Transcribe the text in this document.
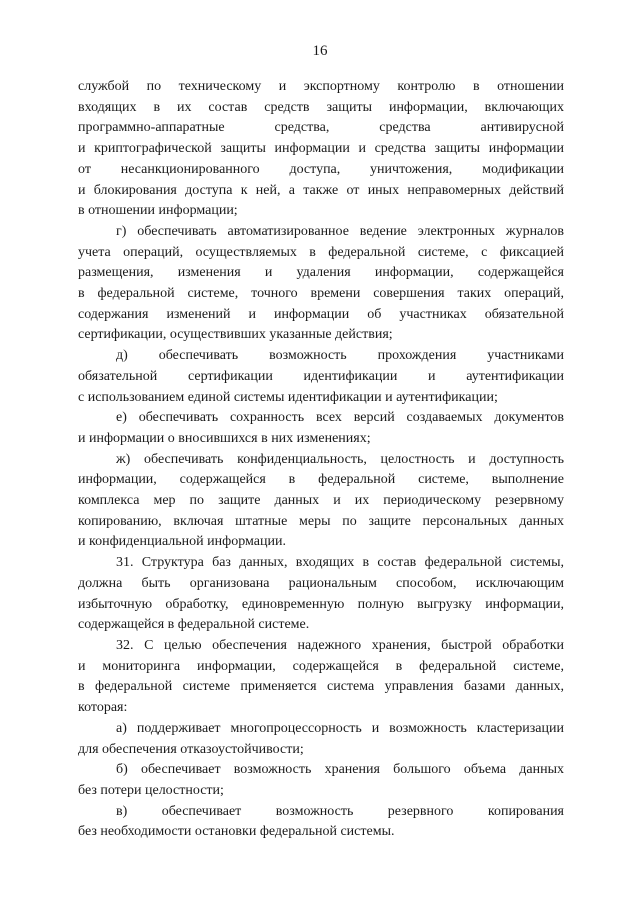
16

службой по техническому и экспортному контролю в отношении
входящих в их состав средств защиты информации, включающих
программно-аппаратные средства, средства антивирусной
и криптографической защиты информации и средства защиты информации
от несанкционированного доступа, уничтожения, модификации
и блокирования доступа к ней, а также от иных неправомерных действий
в отношении информации;

г) обеспечивать автоматизированное ведение электронных журналов
учета операций, осуществляемых в федеральной системе, с фиксацией
размещения, изменения и удаления информации, содержащейся
в федеральной системе, точного времени совершения таких операций,
содержания изменений и информации об участниках обязательной
сертификации, осуществивших указанные действия;

д) обеспечивать возможность прохождения участниками
обязательной сертификации идентификации и аутентификации
с использованием единой системы идентификации и аутентификации;

е) обеспечивать сохранность всех версий создаваемых документов
и информации о вносившихся в них изменениях;

ж) обеспечивать конфиденциальность, целостность и доступность
информации, содержащейся в федеральной системе, выполнение
комплекса мер по защите данных и их периодическому резервному
копированию, включая штатные меры по защите персональных данных
и конфиденциальной информации.

31. Структура баз данных, входящих в состав федеральной системы,
должна быть организована рациональным способом, исключающим
избыточную обработку, единовременную полную выгрузку информации,
содержащейся в федеральной системе.

32. С целью обеспечения надежного хранения, быстрой обработки
и мониторинга информации, содержащейся в федеральной системе,
в федеральной системе применяется система управления базами данных,
которая:

а) поддерживает многопроцессорность и возможность кластеризации
для обеспечения отказоустойчивости;

б) обеспечивает возможность хранения большого объема данных
без потери целостности;

в) обеспечивает возможность резервного копирования
без необходимости остановки федеральной системы.
